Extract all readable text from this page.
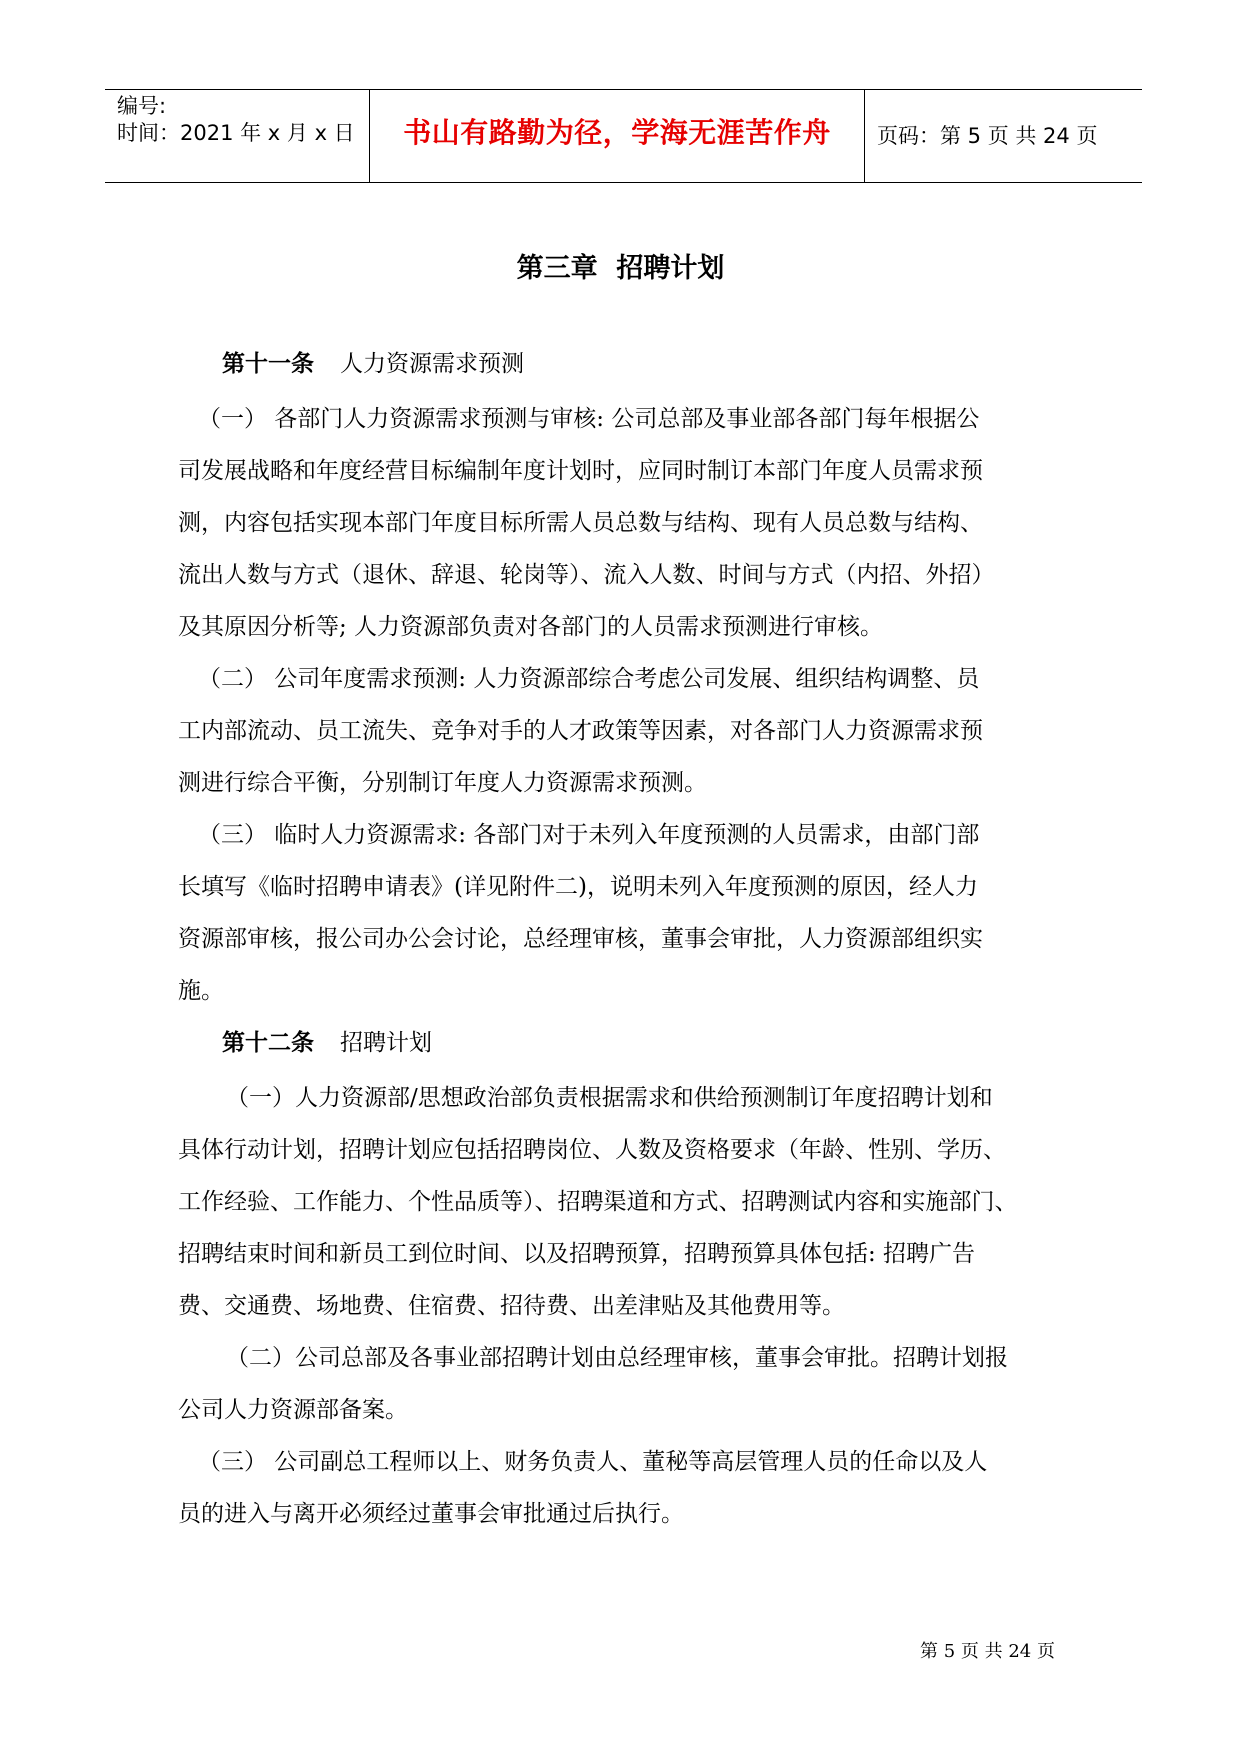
编号:
时间：2021 年 x 月 x 日	书山有路勤为径，学海无涯苦作舟	页码：第 5 页 共 24 页
第三章  招聘计划
第十一条 人力资源需求预测
（一） 各部门人力资源需求预测与审核: 公司总部及事业部各部门每年根据公
司发展战略和年度经营目标编制年度计划时，应同时制订本部门年度人员需求预
测，内容包括实现本部门年度目标所需人员总数与结构、现有人员总数与结构、
流出人数与方式（退休、辞退、轮岗等）、流入人数、时间与方式（内招、外招）
及其原因分析等; 人力资源部负责对各部门的人员需求预测进行审核。
（二） 公司年度需求预测: 人力资源部综合考虑公司发展、组织结构调整、员
工内部流动、员工流失、竞争对手的人才政策等因素，对各部门人力资源需求预
测进行综合平衡，分别制订年度人力资源需求预测。
（三） 临时人力资源需求: 各部门对于未列入年度预测的人员需求，由部门部
长填写《临时招聘申请表》(详见附件二)，说明未列入年度预测的原因，经人力
资源部审核，报公司办公会讨论，总经理审核，董事会审批，人力资源部组织实
施。
第十二条 招聘计划
（一）人力资源部/思想政治部负责根据需求和供给预测制订年度招聘计划和
具体行动计划，招聘计划应包括招聘岗位、人数及资格要求（年龄、性别、学历、
工作经验、工作能力、个性品质等）、招聘渠道和方式、招聘测试内容和实施部门、
招聘结束时间和新员工到位时间、以及招聘预算，招聘预算具体包括: 招聘广告
费、交通费、场地费、住宿费、招待费、出差津贴及其他费用等。
（二）公司总部及各事业部招聘计划由总经理审核，董事会审批。招聘计划报
公司人力资源部备案。
（三） 公司副总工程师以上、财务负责人、董秘等高层管理人员的任命以及人
员的进入与离开必须经过董事会审批通过后执行。
第 5 页 共 24 页
